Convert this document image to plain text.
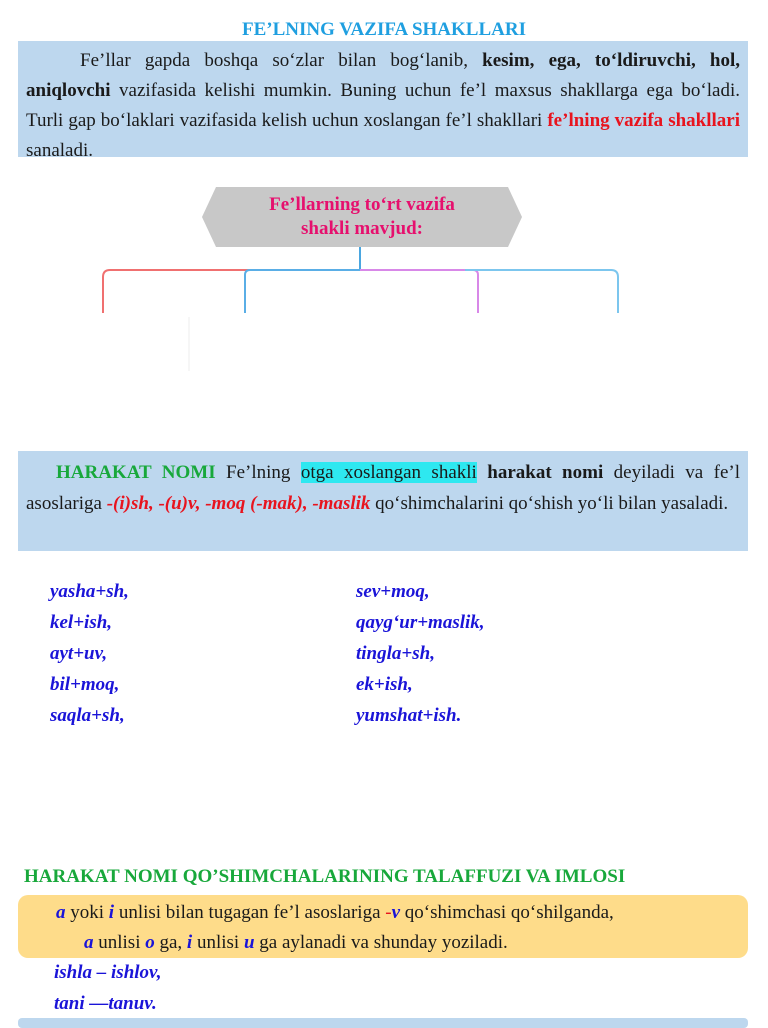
FE’LNING VAZIFA SHAKLLARI
Fe’llar gapda boshqa so‘zlar bilan bog‘lanib, kesim, ega, to‘ldiruvchi, hol, aniqlovchi vazifasida kelishi mumkin. Buning uchun fe’l maxsus shakllarga ega bo‘ladi. Turli gap bo‘laklari vazifasida kelish uchun xoslangan fe’l shakllari fe’lning vazifa shakllari sanaladi.
Fe’llarning to‘rt vazifa
shakli mavjud:
HARAKAT NOMI Fe’lning otga xoslangan shakli harakat nomi deyiladi va fe’l asoslariga -(i)sh, -(u)v, -moq (-mak), -maslik qo‘shimchalarini qo‘shish yo‘li bilan yasaladi.
yasha+sh,
kel+ish,
ayt+uv,
bil+moq,
saqla+sh,
sev+moq,
qayg‘ur+maslik,
tingla+sh,
ek+ish,
yumshat+ish.
HARAKAT NOMI QO’SHIMCHALARINING TALAFFUZI VA IMLOSI
a yoki i unlisi bilan tugagan fe’l asoslariga -v qo‘shimchasi qo‘shilganda,
a unlisi o ga, i unlisi u ga aylanadi va shunday yoziladi.
ishla – ishlov,
tani —tanuv.
